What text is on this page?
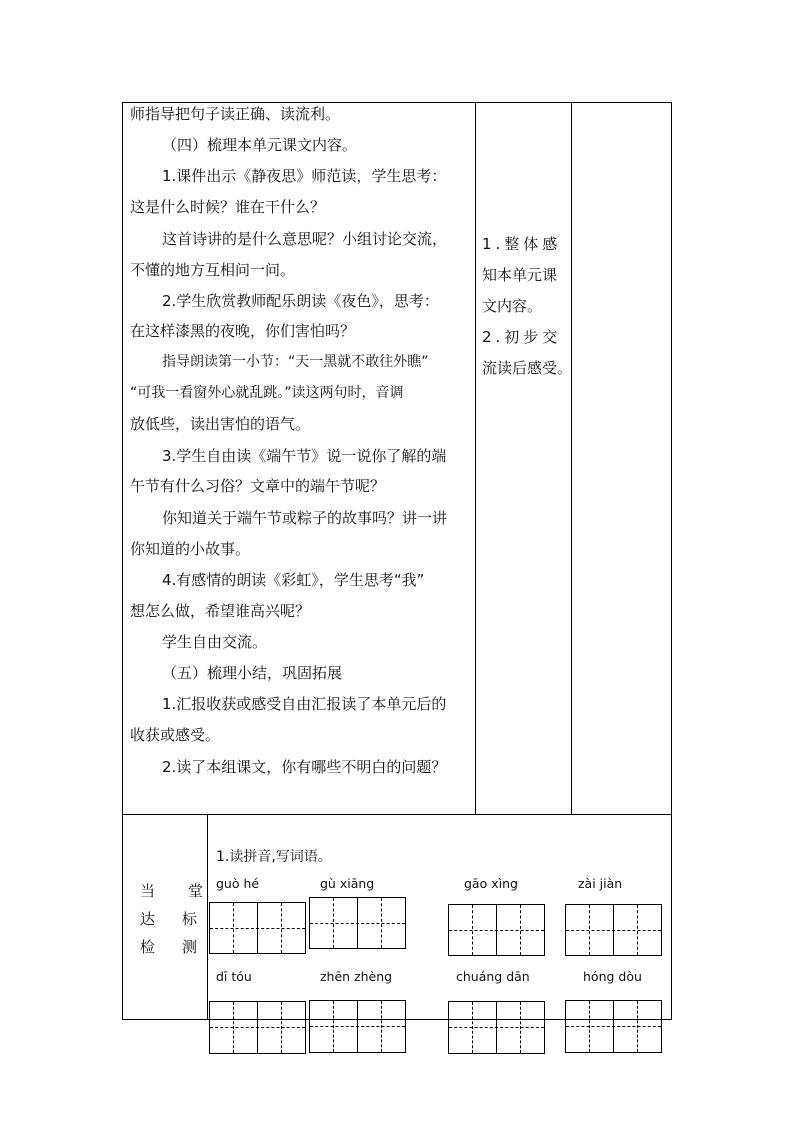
师指导把句子读正确、读流利。
（四）梳理本单元课文内容。
1.课件出示《静夜思》师范读，学生思考：
这是什么时候？谁在干什么？
这首诗讲的是什么意思呢？小组讨论交流，
不懂的地方互相问一问。
2.学生欣赏教师配乐朗读《夜色》，思考：
在这样漆黑的夜晚，你们害怕吗？
指导朗读第一小节：“天一黑就不敢往外瞧”
“可我一看窗外心就乱跳。”读这两句时，音调
放低些，读出害怕的语气。
3.学生自由读《端午节》说一说你了解的端
午节有什么习俗？文章中的端午节呢？
你知道关于端午节或粽子的故事吗？讲一讲
你知道的小故事。
4.有感情的朗读《彩虹》，学生思考“我”
想怎么做，希望谁高兴呢？
学生自由交流。
（五）梳理小结，巩固拓展
1.汇报收获或感受自由汇报读了本单元后的
收获或感受。
2.读了本组课文，你有哪些不明白的问题？
1.整体感
知本单元课
文内容。
2.初步交
流读后感受。
当　　堂
达　标
检　测
1.读拼音,写词语。
guò hé	gù xiāng	gāo xìng	zài jiàn
dī tóu	zhēn zhèng	chuáng dān	hóng dòu
